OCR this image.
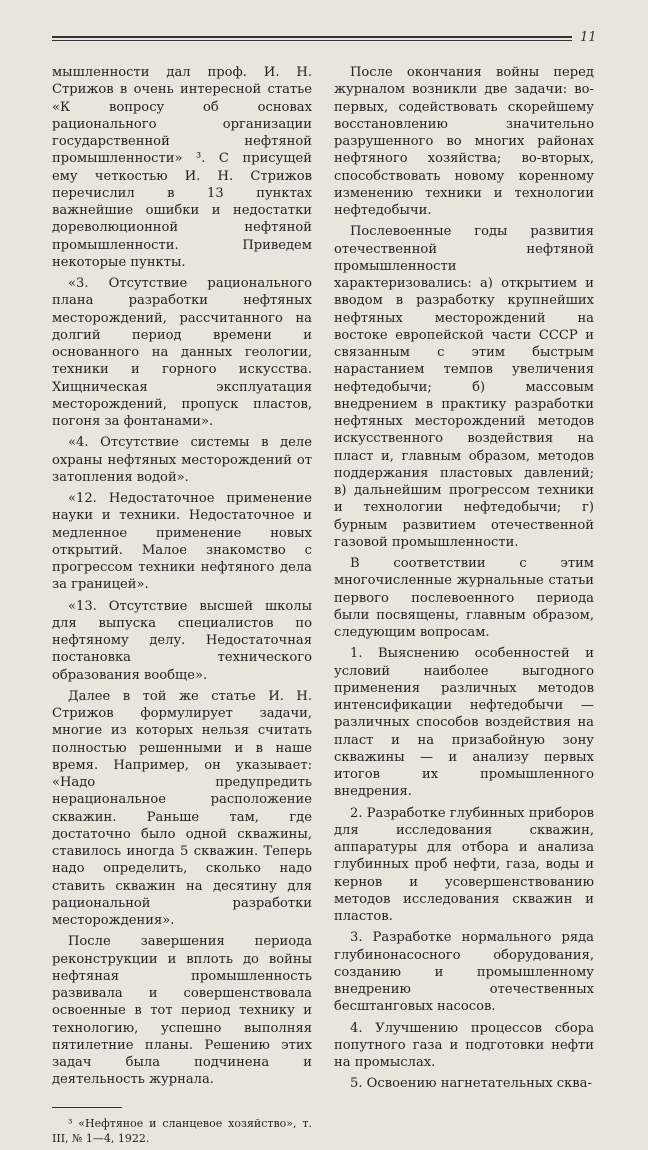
11

мышленности дал проф. И. Н. Стрижов в очень интересной статье «К вопросу об основах рационального организации государственной нефтяной промышленности» ³. С присущей ему четкостью И. Н. Стрижов перечислил в 13 пунктах важнейшие ошибки и недостатки дореволюционной нефтяной промышленности. Приведем некоторые пункты.

«3. Отсутствие рационального плана разработки нефтяных месторождений, рассчитанного на долгий период времени и основанного на данных геологии, техники и горного искусства. Хищническая эксплуатация месторождений, пропуск пластов, погоня за фонтанами».

«4. Отсутствие системы в деле охраны нефтяных месторождений от затопления водой».

«12. Недостаточное применение науки и техники. Недостаточное и медленное применение новых открытий. Малое знакомство с прогрессом техники нефтяного дела за границей».

«13. Отсутствие высшей школы для выпуска специалистов по нефтяному делу. Недостаточная постановка технического образования вообще».

Далее в той же статье И. Н. Стрижов формулирует задачи, многие из которых нельзя считать полностью решенными и в наше время. Например, он указывает: «Надо предупредить нерациональное расположение скважин. Раньше там, где достаточно было одной скважины, ставилось иногда 5 скважин. Теперь надо определить, сколько надо ставить скважин на десятину для рациональной разработки месторождения».

После завершения периода реконструкции и вплоть до войны нефтяная промышленность развивала и совершенствовала освоенные в тот период технику и технологию, успешно выполняя пятилетние планы. Решению этих задач была подчинена и деятельность журнала.

³ «Нефтяное и сланцевое хозяйство», т. III, № 1—4, 1922.

После окончания войны перед журналом возникли две задачи: во-первых, содействовать скорейшему восстановлению значительно разрушенного во многих районах нефтяного хозяйства; во-вторых, способствовать новому коренному изменению техники и технологии нефтедобычи.

Послевоенные годы развития отечественной нефтяной промышленности характеризовались: а) открытием и вводом в разработку крупнейших нефтяных месторождений на востоке европейской части СССР и связанным с этим быстрым нарастанием темпов увеличения нефтедобычи; б) массовым внедрением в практику разработки нефтяных месторождений методов искусственного воздействия на пласт и, главным образом, методов поддержания пластовых давлений; в) дальнейшим прогрессом техники и технологии нефтедобычи; г) бурным развитием отечественной газовой промышленности.

В соответствии с этим многочисленные журнальные статьи первого послевоенного периода были посвящены, главным образом, следующим вопросам.

1. Выяснению особенностей и условий наиболее выгодного применения различных методов интенсификации нефтедобычи — различных способов воздействия на пласт и на призабойную зону скважины — и анализу первых итогов их промышленного внедрения.

2. Разработке глубинных приборов для исследования скважин, аппаратуры для отбора и анализа глубинных проб нефти, газа, воды и кернов и усовершенствованию методов исследования скважин и пластов.

3. Разработке нормального ряда глубинонасосного оборудования, созданию и промышленному внедрению отечественных бесштанговых насосов.

4. Улучшению процессов сбора попутного газа и подготовки нефти на промыслах.

5. Освоению нагнетательных сква-
